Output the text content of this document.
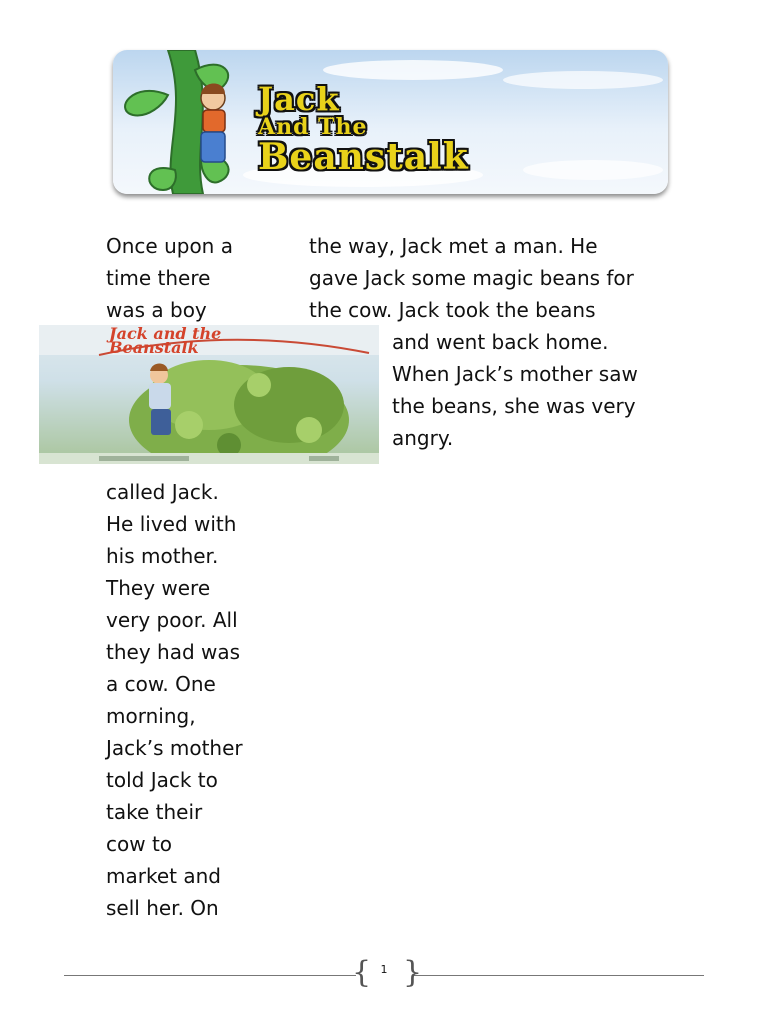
Jack
And The
Beanstalk
Once upon a
time there
was a boy
the way, Jack met a man. He
gave Jack some magic beans for
the cow. Jack took the beans
Jack and the
Beanstalk	and went back home.
When Jack’s mother saw
the beans, she was very
angry.
called Jack.
He lived with
his mother.
They were
very poor. All
they had was
a cow. One
morning,
Jack’s mother
told Jack to
take their
cow to
market and
sell her. On
{ }
1
